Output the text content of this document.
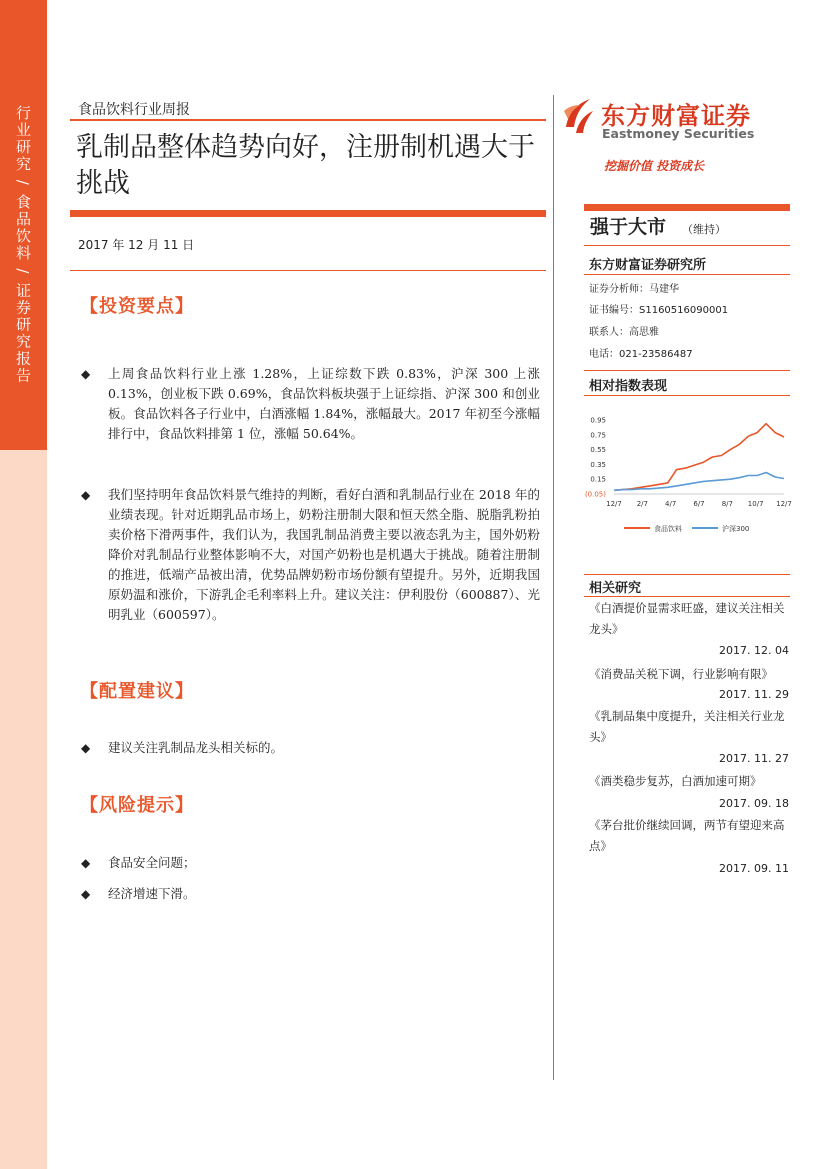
行业研究 / 食品饮料 / 证券研究报告	食品饮料行业周报
乳制品整体趋势向好，注册制机遇大于挑战
2017 年 12 月 11 日
【投资要点】
◆ 上周食品饮料行业上涨 1.28%，上证综数下跌 0.83%，沪深 300 上涨 0.13%，创业板下跌 0.69%，食品饮料板块强于上证综指、沪深 300 和创业板。食品饮料各子行业中，白酒涨幅 1.84%，涨幅最大。2017 年初至今涨幅排行中，食品饮料排第 1 位，涨幅 50.64%。
◆ 我们坚持明年食品饮料景气维持的判断，看好白酒和乳制品行业在 2018 年的业绩表现。针对近期乳品市场上，奶粉注册制大限和恒天然全脂、脱脂乳粉拍卖价格下滑两事件，我们认为，我国乳制品消费主要以液态乳为主，国外奶粉降价对乳制品行业整体影响不大，对国产奶粉也是机遇大于挑战。随着注册制的推进，低端产品被出清，优势品牌奶粉市场份额有望提升。另外，近期我国原奶温和涨价，下游乳企毛利率料上升。建议关注：伊利股份（600887）、光明乳业（600597）。
【配置建议】
◆ 建议关注乳制品龙头相关标的。
【风险提示】
◆ 食品安全问题；
◆ 经济增速下滑。
东方财富证券
Eastmoney Securities
挖掘价值 投资成长
强于大市 （维持）
东方财富证券研究所
证券分析师：马建华
证书编号：S1160516090001
联系人：高思雅
电话：021-23586487
相对指数表现
0.95
0.75
0.55
0.35
0.15
(0.05)
12/7 2/7 4/7 6/7 8/7 10/7 12/7
食品饮料	沪深300
相关研究
《白酒提价显需求旺盛，建议关注相关龙头》
2017. 12. 04
《消费品关税下调，行业影响有限》
2017. 11. 29
《乳制品集中度提升，关注相关行业龙头》
2017. 11. 27
《酒类稳步复苏，白酒加速可期》
2017. 09. 18
《茅台批价继续回调，两节有望迎来高点》
2017. 09. 11
